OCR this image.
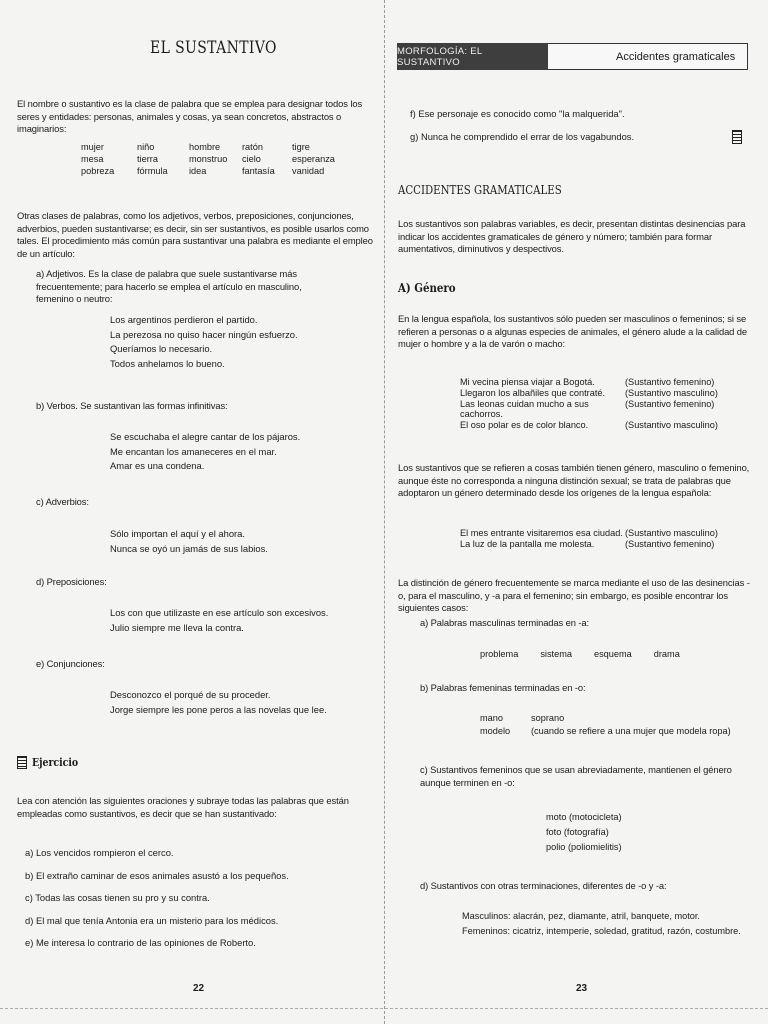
EL SUSTANTIVO

El nombre o sustantivo es la clase de palabra que se emplea para designar todos los seres y entidades: personas, animales y cosas, ya sean concretos, abstractos o imaginarios:

mujer	niño	hombre	ratón	tigre
mesa	tierra	monstruo	cielo	esperanza
pobreza	fórmula	idea	fantasía	vanidad

Otras clases de palabras, como los adjetivos, verbos, preposiciones, conjunciones, adverbios, pueden sustantivarse; es decir, sin ser sustantivos, es posible usarlos como tales. El procedimiento más común para sustantivar una palabra es mediante el empleo de un artículo:

a) Adjetivos. Es la clase de palabra que suele sustantivarse más frecuentemente; para hacerlo se emplea el artículo en masculino, femenino o neutro:

Los argentinos perdieron el partido.
La perezosa no quiso hacer ningún esfuerzo.
Queríamos lo necesario.
Todos anhelamos lo bueno.

b) Verbos. Se sustantivan las formas infinitivas:

Se escuchaba el alegre cantar de los pájaros.
Me encantan los amaneceres en el mar.
Amar es una condena.

c) Adverbios:

Sólo importan el aquí y el ahora.
Nunca se oyó un jamás de sus labios.

d) Preposiciones:

Los con que utilizaste en ese artículo son excesivos.
Julio siempre me lleva la contra.

e) Conjunciones:

Desconozco el porqué de su proceder.
Jorge siempre les pone peros a las novelas que lee.
Ejercicio

Lea con atención las siguientes oraciones y subraye todas las palabras que están empleadas como sustantivos, es decir que se han sustantivado:

a) Los vencidos rompieron el cerco.
b) El extraño caminar de esos animales asustó a los pequeños.
c) Todas las cosas tienen su pro y su contra.
d) El mal que tenía Antonia era un misterio para los médicos.
e) Me interesa lo contrario de las opiniones de Roberto.
22
MORFOLOGÍA: EL SUSTANTIVO	Accidentes gramaticales
f) Ese personaje es conocido como "la malquerida".
g) Nunca he comprendido el errar de los vagabundos.
ACCIDENTES GRAMATICALES

Los sustantivos son palabras variables, es decir, presentan distintas desinencias para indicar los accidentes gramaticales de género y número; también para formar aumentativos, diminutivos y despectivos.

A) Género

En la lengua española, los sustantivos sólo pueden ser masculinos o femeninos; si se refieren a personas o a algunas especies de animales, el género alude a la calidad de mujer o hombre y a la de varón o macho:

Mi vecina piensa viajar a Bogotá.	(Sustantivo femenino)
Llegaron los albañiles que contraté.	(Sustantivo masculino)
Las leonas cuidan mucho a sus cachorros.
(Sustantivo femenino)
El oso polar es de color blanco.	(Sustantivo masculino)

Los sustantivos que se refieren a cosas también tienen género, masculino o femenino, aunque éste no corresponda a ninguna distinción sexual; se trata de palabras que adoptaron un género determinado desde los orígenes de la lengua española:

El mes entrante visitaremos esa ciudad. (Sustantivo masculino)
La luz de la pantalla me molesta.	(Sustantivo femenino)

La distinción de género frecuentemente se marca mediante el uso de las desinencias -o, para el masculino, y -a para el femenino; sin embargo, es posible encontrar los siguientes casos:

a) Palabras masculinas terminadas en -a:

problema sistema esquema drama

b) Palabras femeninas terminadas en -o:

mano	soprano
modelo	(cuando se refiere a una mujer que modela ropa)

c) Sustantivos femeninos que se usan abreviadamente, mantienen el género aunque terminen en -o:

moto (motocicleta)
foto (fotografía)
polio (poliomielitis)

d) Sustantivos con otras terminaciones, diferentes de -o y -a:

Masculinos: alacrán, pez, diamante, atril, banquete, motor.
Femeninos: cicatriz, intemperie, soledad, gratitud, razón, costumbre.
23
